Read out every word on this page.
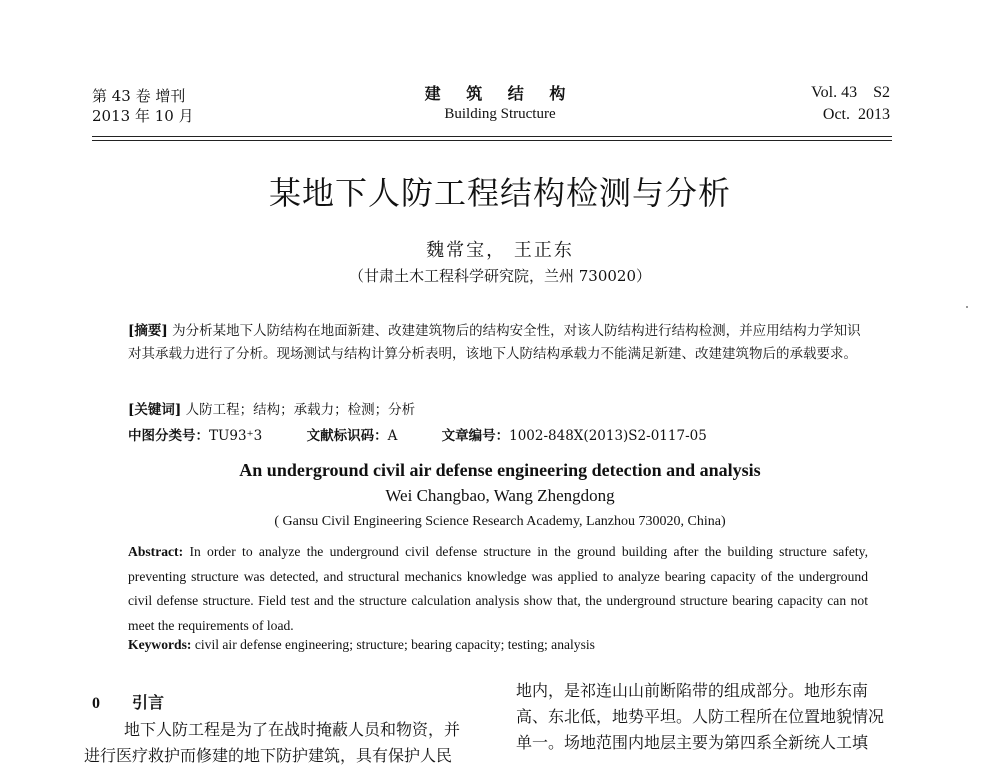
第 43 卷 增刊
2013 年 10 月
建 筑 结 构
Building Structure
Vol. 43    S2
Oct.  2013
某地下人防工程结构检测与分析
魏常宝， 王正东
（甘肃土木工程科学研究院，兰州 730020）
[摘要] 为分析某地下人防结构在地面新建、改建建筑物后的结构安全性，对该人防结构进行结构检测，并应用结构力学知识对其承载力进行了分析。现场测试与结构计算分析表明，该地下人防结构承载力不能满足新建、改建建筑物后的承载要求。
[关键词] 人防工程；结构；承载力；检测；分析
中图分类号：TU93⁺3	文献标识码：A	文章编号：1002-848X(2013)S2-0117-05
An underground civil air defense engineering detection and analysis
Wei Changbao, Wang Zhengdong
( Gansu Civil Engineering Science Research Academy, Lanzhou 730020, China)
Abstract: In order to analyze the underground civil defense structure in the ground building after the building structure safety, preventing structure was detected, and structural mechanics knowledge was applied to analyze bearing capacity of the underground civil defense structure. Field test and the structure calculation analysis show that, the underground structure bearing capacity can not meet the requirements of load.
Keywords: civil air defense engineering; structure; bearing capacity; testing; analysis
0 引言
地下人防工程是为了在战时掩蔽人员和物资，并
进行医疗救护而修建的地下防护建筑，具有保护人民
地内，是祁连山山前断陷带的组成部分。地形东南
高、东北低，地势平坦。人防工程所在位置地貌情况
单一。场地范围内地层主要为第四系全新统人工填
